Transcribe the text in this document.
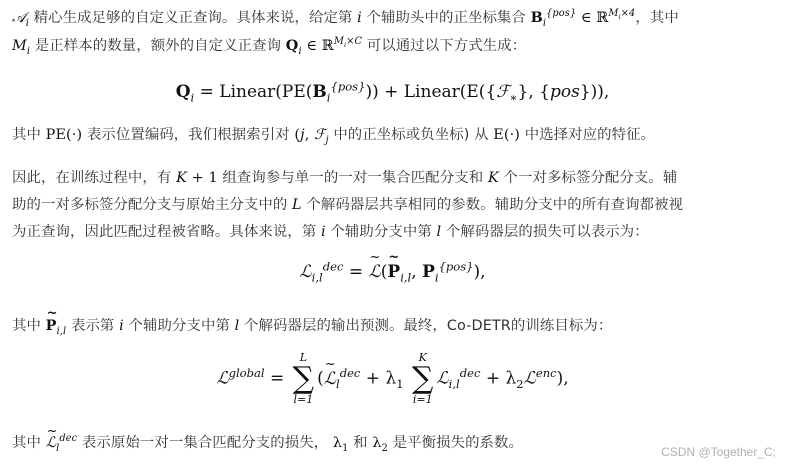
𝒜$_i$ 精心生成足够的自定义正查询。具体来说，给定第 i 个辅助头中的正坐标集合 $B_i^{\{pos\}}$ ∈ ℝ$^{M_i\times 4}$，其中
$M_i$ 是正样本的数量，额外的自定义正查询 $Q_i$ ∈ ℝ$^{M_i\times C}$ 可以通过以下方式生成：
$Q_i$ = $Linear(PE(B_i^{\{pos\}}))$ + Linear(E({ℱ$_∗$}, {pos})),
其中 PE(·) 表示位置编码，我们根据索引对 (j, ℱ$_j$ 中的正坐标或负坐标) 从 E(·) 中选择对应的特征。
因此，在训练过程中，有 K + 1 组查询参与单一的一对一集合匹配分支和 K 个一对多标签分配分支。辅
助的一对多标签分配分支与原始主分支中的 L 个解码器层共享相同的参数。辅助分支中的所有查询都被视
为正查询，因此匹配过程被省略。具体来说，第 i 个辅助分支中第 l 个解码器层的损失可以表示为：
ℒ$_{i,l}^{dec}$ = ~ ℒ(~ $P_{i,l}$, $P_i^{\{pos\}}$),
其中 ~ $P_{i,l}$ 表示第 i 个辅助分支中第 l 个解码器层的输出预测。最终，Co-DETR的训练目标为：
ℒ$^{global}$ =
L
∑
l=1
(~ ℒ$_l^{dec}$ + $\lambda_1$
K
∑
i=1
ℒ$_{i,l}^{dec}$ + $\lambda_2ℒ^{enc}$),
其中 ~ ℒ$_l^{dec}$ 表示原始一对一集合匹配分支的损失， $\lambda_1$ 和 $\lambda_2$ 是平衡损失的系数。
CSDN @Together_C;
